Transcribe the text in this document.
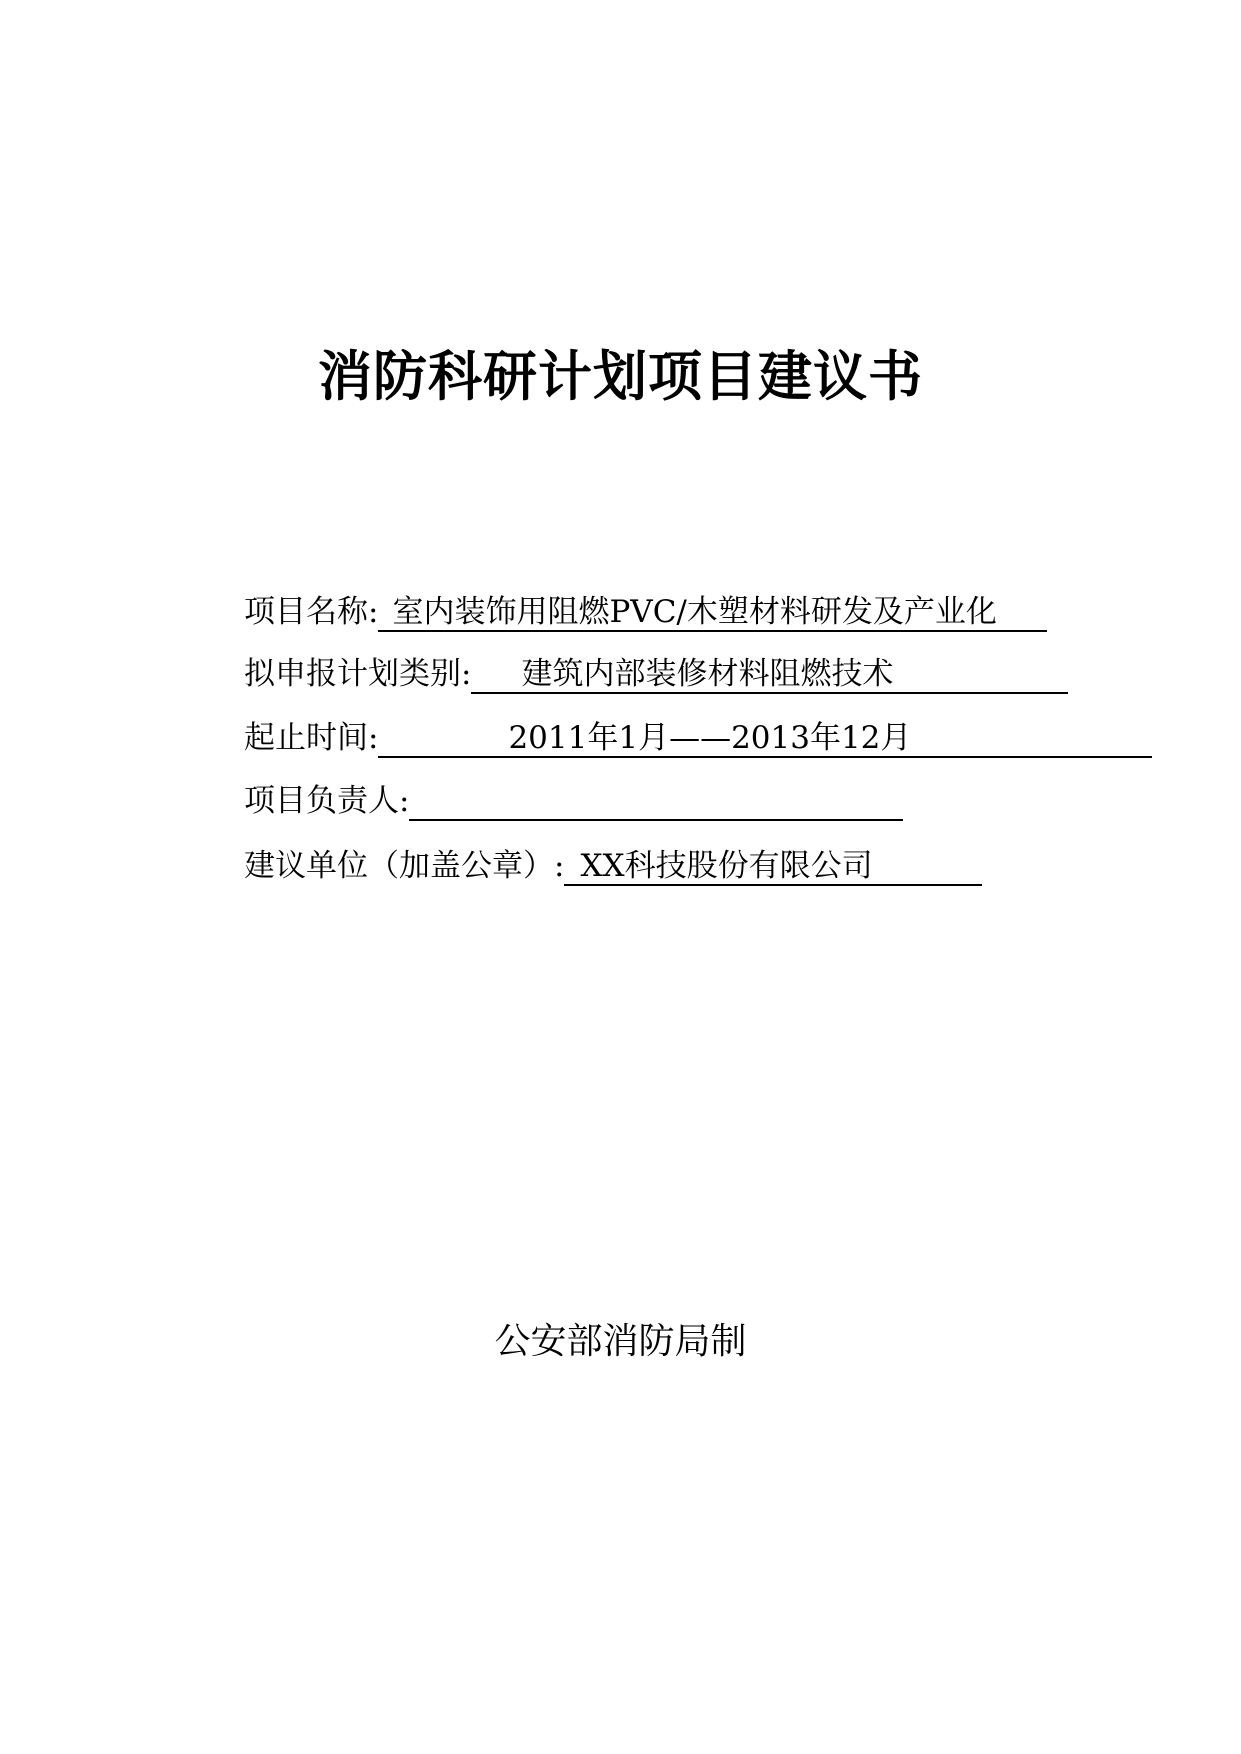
消防科研计划项目建议书
项目名称: 室内装饰用阻燃PVC/木塑材料研发及产业化
拟申报计划类别: 建筑内部装修材料阻燃技术
起止时间:	2011年1月——2013年12月
项目负责人:
建议单位（加盖公章）: XX科技股份有限公司
公安部消防局制
